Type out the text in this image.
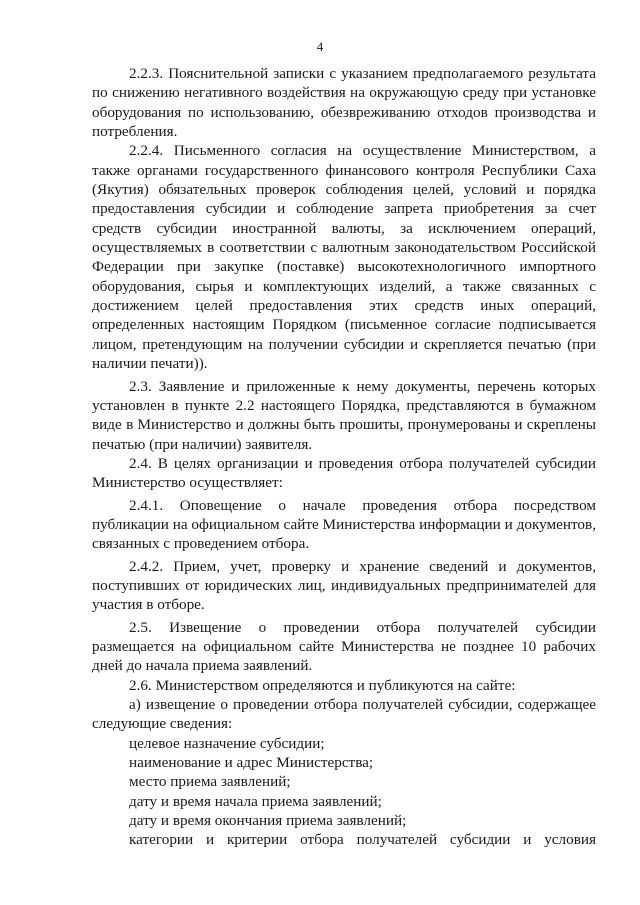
4

2.2.3. Пояснительной записки с указанием предполагаемого результата по снижению негативного воздействия на окружающую среду при установке оборудования по использованию, обезвреживанию отходов производства и потребления.

2.2.4. Письменного согласия на осуществление Министерством, а также органами государственного финансового контроля Республики Саха (Якутия) обязательных проверок соблюдения целей, условий и порядка предоставления субсидии и соблюдение запрета приобретения за счет средств субсидии иностранной валюты, за исключением операций, осуществляемых в соответствии с валютным законодательством Российской Федерации при закупке (поставке) высокотехнологичного импортного оборудования, сырья и комплектующих изделий, а также связанных с достижением целей предоставления этих средств иных операций, определенных настоящим Порядком (письменное согласие подписывается лицом, претендующим на получении субсидии и скрепляется печатью (при наличии печати)).

2.3. Заявление и приложенные к нему документы, перечень которых установлен в пункте 2.2 настоящего Порядка, представляются в бумажном виде в Министерство и должны быть прошиты, пронумерованы и скреплены печатью (при наличии) заявителя.

2.4. В целях организации и проведения отбора получателей субсидии Министерство осуществляет:

2.4.1. Оповещение о начале проведения отбора посредством публикации на официальном сайте Министерства информации и документов, связанных с проведением отбора.

2.4.2. Прием, учет, проверку и хранение сведений и документов, поступивших от юридических лиц, индивидуальных предпринимателей для участия в отборе.

2.5. Извещение о проведении отбора получателей субсидии размещается на официальном сайте Министерства не позднее 10 рабочих дней до начала приема заявлений.

2.6. Министерством определяются и публикуются на сайте:

а) извещение о проведении отбора получателей субсидии, содержащее следующие сведения:

целевое назначение субсидии;

наименование и адрес Министерства;

место приема заявлений;

дату и время начала приема заявлений;

дату и время окончания приема заявлений;

категории и критерии отбора получателей субсидии и условия
